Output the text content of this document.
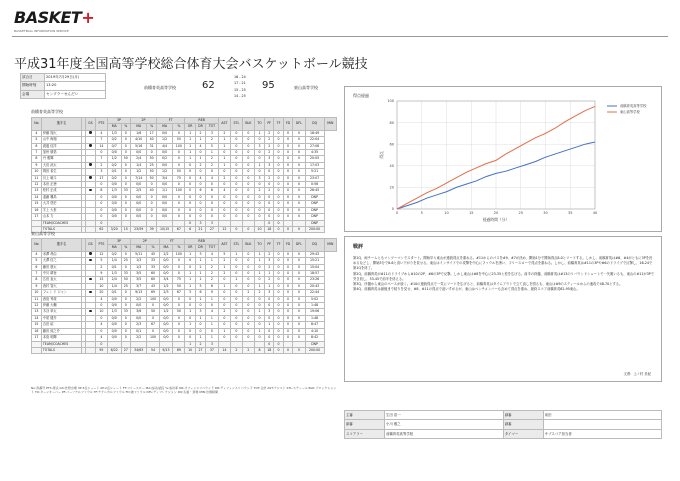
BASKET+
BASKETBALL INFORMATION SERVICE
平成31年度全国高等学校総合体育大会バスケットボール競技
試合日	2019年7月29日(月)
開始時刻	13:20
会場	センプラーせんだい
前橋育英高等学校	62
16 - 24
17 - 21
15 - 25
14 - 25
95	東山高等学校
前橋育英高等学校
No	選手名		GS	PTS	3P		2P		FT		REB			AST	STL	BLK	TO	PF	TF	FD	DFL	DQ	MIN
					MA	%	MA	%	MA	%	OR	DR	TOT										
4	伊藤 翔大			4	1/3	0	1/6	17	0/0	0	1	2	3	2	0	0	1	2	0	0	0	18:49	
5	山中 海翔			7	0/2	0	4/10	40	1/2	50	1	1	2	1	0	0	0	2	0	0	0	22:04	
6	渡邊 信洋			14	0/7	0	5/16	31	4/4	100	1	4	5	1	0	0	3	2	0	0	0	27:06	
7	加州 慎悟			0	0/0	0	0/0	0	0/0	0	1	0	1	0	0	0	0	2	0	0	0	4:35	
8	丹 雅輝			7	1/2	50	2/4	50	0/2	0	1	1	2	1	0	0	0	3	0	0	0	20:05	
9	大田 涼太			2	0/2	0	1/4	25	0/0	0	0	2	2	1	0	0	1	3	0	0	0	17:03	
10	岡田 希生			3	0/1	0	1/2	50	1/2	50	0	0	0	0	0	0	0	0	0	0	0	5:21	
11	川上 暁斗			17	0/2	0	7/14	50	3/4	75	0	4	4	2	0	0	3	2	0	0	0	23:07	
12	本田 正徳			0	0/0	0	0/0	0	0/0	0	0	0	0	0	0	0	0	0	0	0	0	0:56	
13	松村 正成			8	1/3	33	2/5	40	1/1	100	0	6	6	4	0	0	2	2	0	0	0	26:45	
14	遠藤 颯馬			0	0/0	0	0/0	0	0/0	0	0	0	0	0	0	0	0	0	0	0	0	DNP	
15	大井 悠史			0	0/0	0	0/0	0	0/0	0	0	0	0	0	0	0	0	0	0	0	0	DNP	
16	宇上 大世			0	0/0	0	0/0	0	0/0	0	0	0	0	0	0	0	0	0	0	0	0	DNP	
17	山本 力			0	0/0	0	0/0	0	0/0	0	0	0	0	0	0	0	0	0	0	0	0	DNP	
	TEAM/COACHES			0							0	3	3					0	0			DNP	
	TOTALS			62	3/20	15	23/59	39	10/15	67	6	21	27	12	0	0	10	18	0	0	0	200:00	
東山高等学校
No	選手名		GS	PTS	3P		2P		FT		REB			AST	STL	BLK	TO	PF	TF	FD	DFL	DQ	MIN
					MA	%	MA	%	MA	%	OR	DR	TOT										
4	米澤 昂由			12	0/2	0	5/11	45	2/2	100	1	3	4	5	1	0	1	2	0	0	0	29:43	
5	大澤 信之			5	1/4	25	1/3	33	0/0	0	0	1	1	2	0	0	1	3	0	0	0	15:21	
6	藤田 康太			2	0/1	0	1/3	33	0/0	0	0	2	2	1	0	0	0	2	0	0	0	15:04	
7	中川 晴登			9	1/3	33	3/5	60	0/0	0	1	1	2	2	0	0	1	1	0	0	0	18:57	
8	広田 直太			15	2/4	50	3/5	60	3/4	75	1	1	2	0	1	0	0	2	0	0	0	23:26	
9	西村 智大			10	1/4	25	3/7	43	1/2	50	1	5	6	1	0	0	1	1	0	0	0	20:43	
10	フェン ド ジャン			20	0/1	0	9/13	69	2/3	67	3	6	9	0	0	2	2	3	0	0	0	22:44	
11	西島 秀哉			4	0/0	0	2/2	100	0/0	0	0	1	1	0	0	0	0	0	0	0	0	5:02	
12	伊藤 大輔			0	0/0	0	0/0	0	0/0	0	0	0	0	0	0	0	0	0	0	0	0	1:48	
13	木谷 草太			10	1/3	33	3/6	50	1/2	50	1	3	4	2	0	0	1	3	0	0	0	19:06	
14	中尾 健介			0	0/0	0	0/0	0	0/0	0	0	1	1	0	0	0	0	0	0	0	0	1:48	
15	吉田 結			4	0/0	0	2/3	67	0/0	0	1	0	1	0	0	0	0	1	0	0	0	8:47	
16	藤田 純之介			0	0/0	0	0/1	0	0/0	0	0	0	0	1	0	0	1	0	0	0	0	4:10	
17	本島 明輝			4	0/0	0	2/2	100	0/0	0	0	1	1	0	0	0	0	0	0	0	0	8:42	
	TEAM/COACHES			0							1	2	3					0	0			DNP	
	TOTALS			95	6/22	27	34/63	54	9/13	69	10	27	37	14	2	2	8	18	0	0	0	200:00	
No:背番号 PTS:得点 GS:先発出場 3P:3点シュート 2P:2点シュート FT:フリースロー MA:成功/試投 %:成功率 OR:オフェンスリバウンド DR:ディフェンスリバウンド TOT:合計 AST:アシスト STL:スティール BLK:ブロックショット TO:ターンオーバー PF:パーソナルファウル TF:テクニカルファウル FD:被ファウル DFL:ディフレクション DQ:失格・退場 MIN:出場時間
得点経過
0
20
40
60
80
100
0	5	10	15	20	25	30	35	40
経過時間（分）
得点
前橋育英高等学校
東山高等学校
戦評
第1Q、両チームともマンツーマンでスタート。開始早々東山が連続得点を重ねる。#11からのパスを#9、#7が決め、開始1分で開始得点8-0とリードする。しかし、前橋育英は#6、#4がともに3Pを決めるなどし、開始3分で8-6と食い下がりを見せる。東山はインサイドでの攻撃を中心にファウルを誘い、フリースローで得点を重ねる。しかし、前橋育英は#11の3Pや#6のドライブで反撃し、16-24で第1Qを終了。
第2Q、前橋育英が#11のドライブから#10の2P、#6の3Pで反撃。しかし東山は#8を中心に23-35と差を広げる。前半の終盤、前橋育英は#13のリバウンドシュートで一矢報いるも、東山の#11が3Pで突き放し、33-45で前半を終える。
第3Q、序盤から東山のペースが続く。#10の連続得点で一気にリードを広げると、前橋育英はタイムアウトで立て直しを図るも、東山は#9のスティールからの速攻で48-70とする。
第4Q、前橋育英は最後まで粘りを見せ、#8、#11の得点で追いすがるが、東山はベンチメンバーも含めて得点を重ね、最終スコア前橋育英62-95東山。
文責：上ノ村 央紀
主審	生田 浩一	副審	前田
副審	小川 雅之	副審	
スコアラー	前橋育英高等学校	タイマー	サブスコア担当者
